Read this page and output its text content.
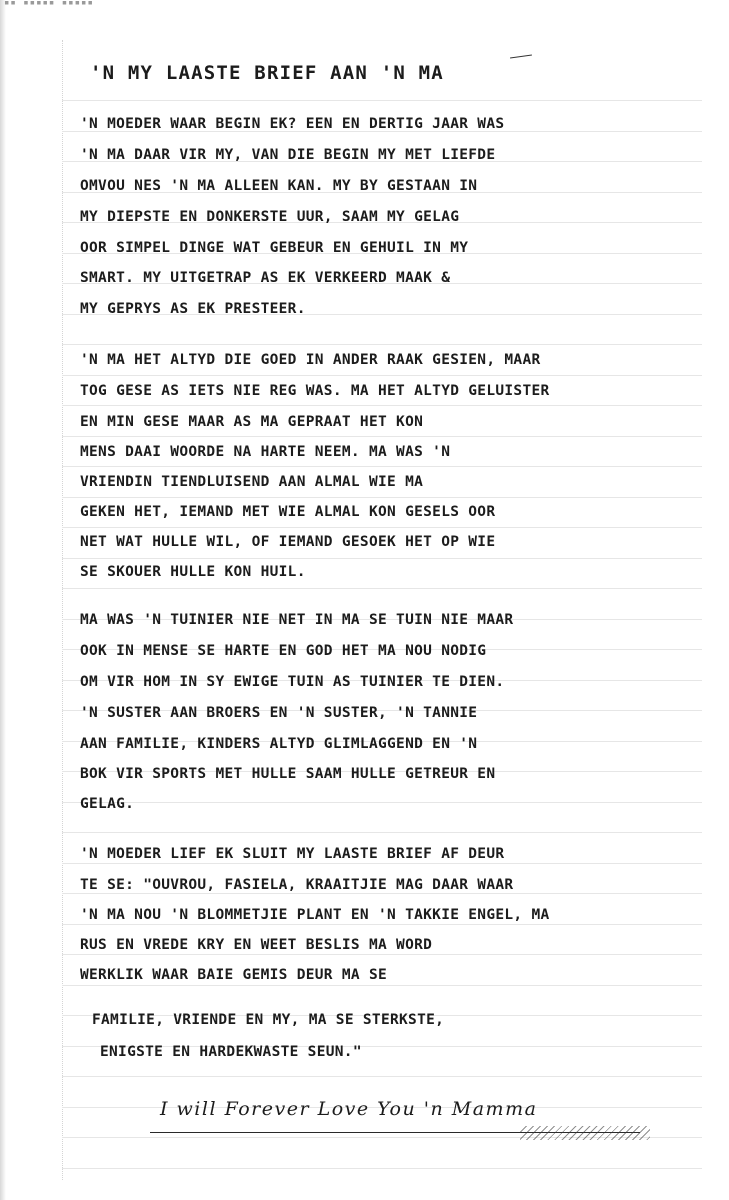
▪▪ ▪▪▪▪▪ ▪▪▪▪▪
'N MY LAASTE BRIEF AAN 'N MA
'N MOEDER WAAR BEGIN EK? EEN EN DERTIG JAAR WAS
'N MA DAAR VIR MY, VAN DIE BEGIN MY MET LIEFDE
OMVOU NES 'N MA ALLEEN KAN. MY BY GESTAAN IN
MY DIEPSTE EN DONKERSTE UUR, SAAM MY GELAG
OOR SIMPEL DINGE WAT GEBEUR EN GEHUIL IN MY
SMART. MY UITGETRAP AS EK VERKEERD MAAK &
MY GEPRYS AS EK PRESTEER.
'N MA HET ALTYD DIE GOED IN ANDER RAAK GESIEN, MAAR
TOG GESE AS IETS NIE REG WAS. MA HET ALTYD GELUISTER
EN MIN GESE MAAR AS MA GEPRAAT HET KON
MENS DAAI WOORDE NA HARTE NEEM. MA WAS 'N
VRIENDIN TIENDLUISEND AAN ALMAL WIE MA
GEKEN HET, IEMAND MET WIE ALMAL KON GESELS OOR
NET WAT HULLE WIL, OF IEMAND GESOEK HET OP WIE
SE SKOUER HULLE KON HUIL.
MA WAS 'N TUINIER NIE NET IN MA SE TUIN NIE MAAR
OOK IN MENSE SE HARTE EN GOD HET MA NOU NODIG
OM VIR HOM IN SY EWIGE TUIN AS TUINIER TE DIEN.
'N SUSTER AAN BROERS EN 'N SUSTER, 'N TANNIE
AAN FAMILIE, KINDERS ALTYD GLIMLAGGEND EN 'N
BOK VIR SPORTS MET HULLE SAAM HULLE GETREUR EN
GELAG.
'N MOEDER LIEF EK SLUIT MY LAASTE BRIEF AF DEUR
TE SE: "OUVROU, FASIELA, KRAAITJIE MAG DAAR WAAR
'N MA NOU 'N BLOMMETJIE PLANT EN 'N TAKKIE ENGEL, MA
RUS EN VREDE KRY EN WEET BESLIS MA WORD
WERKLIK WAAR BAIE GEMIS DEUR MA SE
FAMILIE, VRIENDE EN MY, MA SE STERKSTE,
ENIGSTE EN HARDEKWASTE SEUN."
I will Forever Love You 'n Mamma
